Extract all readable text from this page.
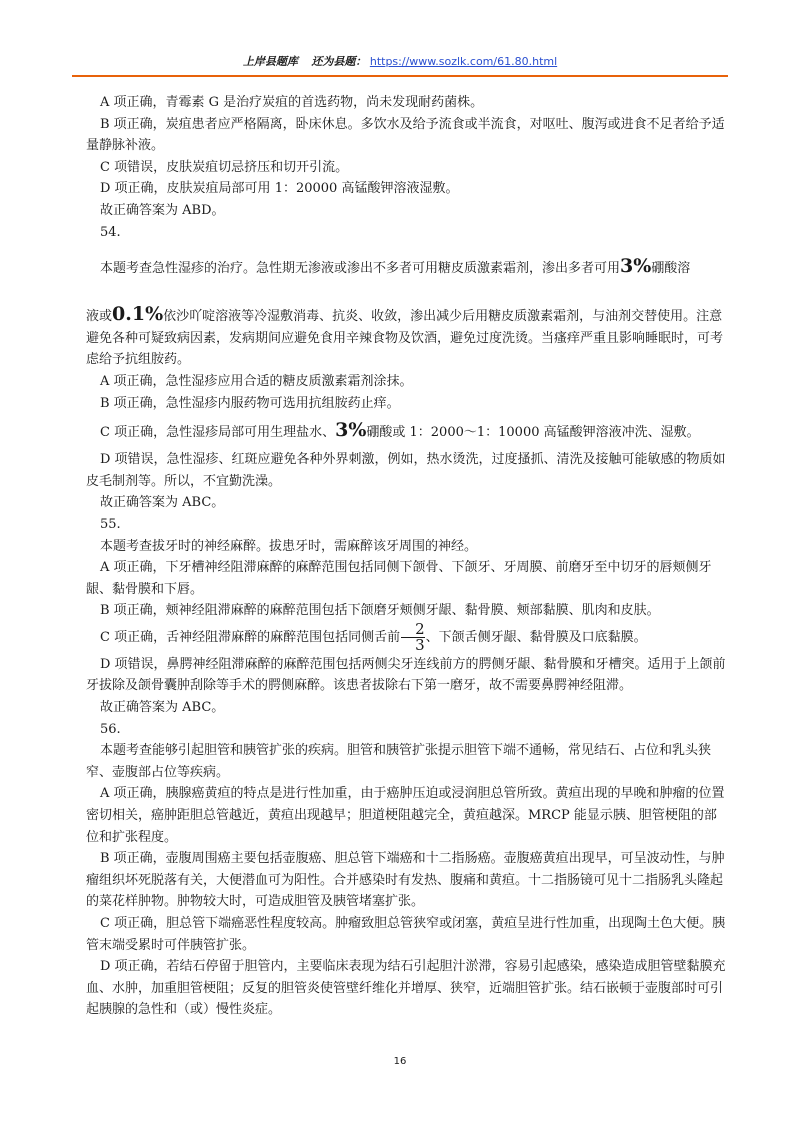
上岸县题库 还为县题： https://www.sozlk.com/61.80.html

A 项正确，青霉素 G 是治疗炭疽的首选药物，尚未发现耐药菌株。

B 项正确，炭疽患者应严格隔离，卧床休息。多饮水及给予流食或半流食，对呕吐、腹泻或进食不足者给予适量静脉补液。

C 项错误，皮肤炭疽切忌挤压和切开引流。

D 项正确，皮肤炭疽局部可用 1：20000 高锰酸钾溶液湿敷。

故正确答案为 ABD。

54.

本题考查急性湿疹的治疗。急性期无渗液或渗出不多者可用糖皮质激素霜剂，渗出多者可用3%硼酸溶

液或0.1%依沙吖啶溶液等冷湿敷消毒、抗炎、收敛，渗出减少后用糖皮质激素霜剂，与油剂交替使用。注意避免各种可疑致病因素，发病期间应避免食用辛辣食物及饮酒，避免过度洗烫。当瘙痒严重且影响睡眠时，可考虑给予抗组胺药。

A 项正确，急性湿疹应用合适的糖皮质激素霜剂涂抹。

B 项正确，急性湿疹内服药物可选用抗组胺药止痒。

C 项正确，急性湿疹局部可用生理盐水、3%硼酸或 1：2000～1：10000 高锰酸钾溶液冲洗、湿敷。

D 项错误，急性湿疹、红斑应避免各种外界刺激，例如，热水烫洗，过度搔抓、清洗及接触可能敏感的物质如皮毛制剂等。所以，不宜勤洗澡。

故正确答案为 ABC。

55.

本题考查拔牙时的神经麻醉。拔患牙时，需麻醉该牙周围的神经。

A 项正确，下牙槽神经阻滞麻醉的麻醉范围包括同侧下颌骨、下颌牙、牙周膜、前磨牙至中切牙的唇颊侧牙龈、黏骨膜和下唇。

B 项正确，颊神经阻滞麻醉的麻醉范围包括下颌磨牙颊侧牙龈、黏骨膜、颊部黏膜、肌肉和皮肤。

C 项正确，舌神经阻滞麻醉的麻醉范围包括同侧舌前$\frac{2}{3}$ 、下颌舌侧牙龈、黏骨膜及口底黏膜。

D 项错误，鼻腭神经阻滞麻醉的麻醉范围包括两侧尖牙连线前方的腭侧牙龈、黏骨膜和牙槽突。适用于上颌前牙拔除及颌骨囊肿刮除等手术的腭侧麻醉。该患者拔除右下第一磨牙，故不需要鼻腭神经阻滞。

故正确答案为 ABC。

56.

本题考查能够引起胆管和胰管扩张的疾病。胆管和胰管扩张提示胆管下端不通畅，常见结石、占位和乳头狭窄、壶腹部占位等疾病。

A 项正确，胰腺癌黄疸的特点是进行性加重，由于癌肿压迫或浸润胆总管所致。黄疸出现的早晚和肿瘤的位置密切相关，癌肿距胆总管越近，黄疸出现越早；胆道梗阻越完全，黄疸越深。MRCP 能显示胰、胆管梗阻的部位和扩张程度。

B 项正确，壶腹周围癌主要包括壶腹癌、胆总管下端癌和十二指肠癌。壶腹癌黄疸出现早，可呈波动性，与肿瘤组织坏死脱落有关，大便潜血可为阳性。合并感染时有发热、腹痛和黄疸。十二指肠镜可见十二指肠乳头隆起的菜花样肿物。肿物较大时，可造成胆管及胰管堵塞扩张。

C 项正确，胆总管下端癌恶性程度较高。肿瘤致胆总管狭窄或闭塞，黄疸呈进行性加重，出现陶土色大便。胰管末端受累时可伴胰管扩张。

D 项正确，若结石停留于胆管内，主要临床表现为结石引起胆汁淤滞，容易引起感染，感染造成胆管壁黏膜充血、水肿，加重胆管梗阻；反复的胆管炎使管壁纤维化并增厚、狭窄，近端胆管扩张。结石嵌顿于壶腹部时可引起胰腺的急性和（或）慢性炎症。

16
